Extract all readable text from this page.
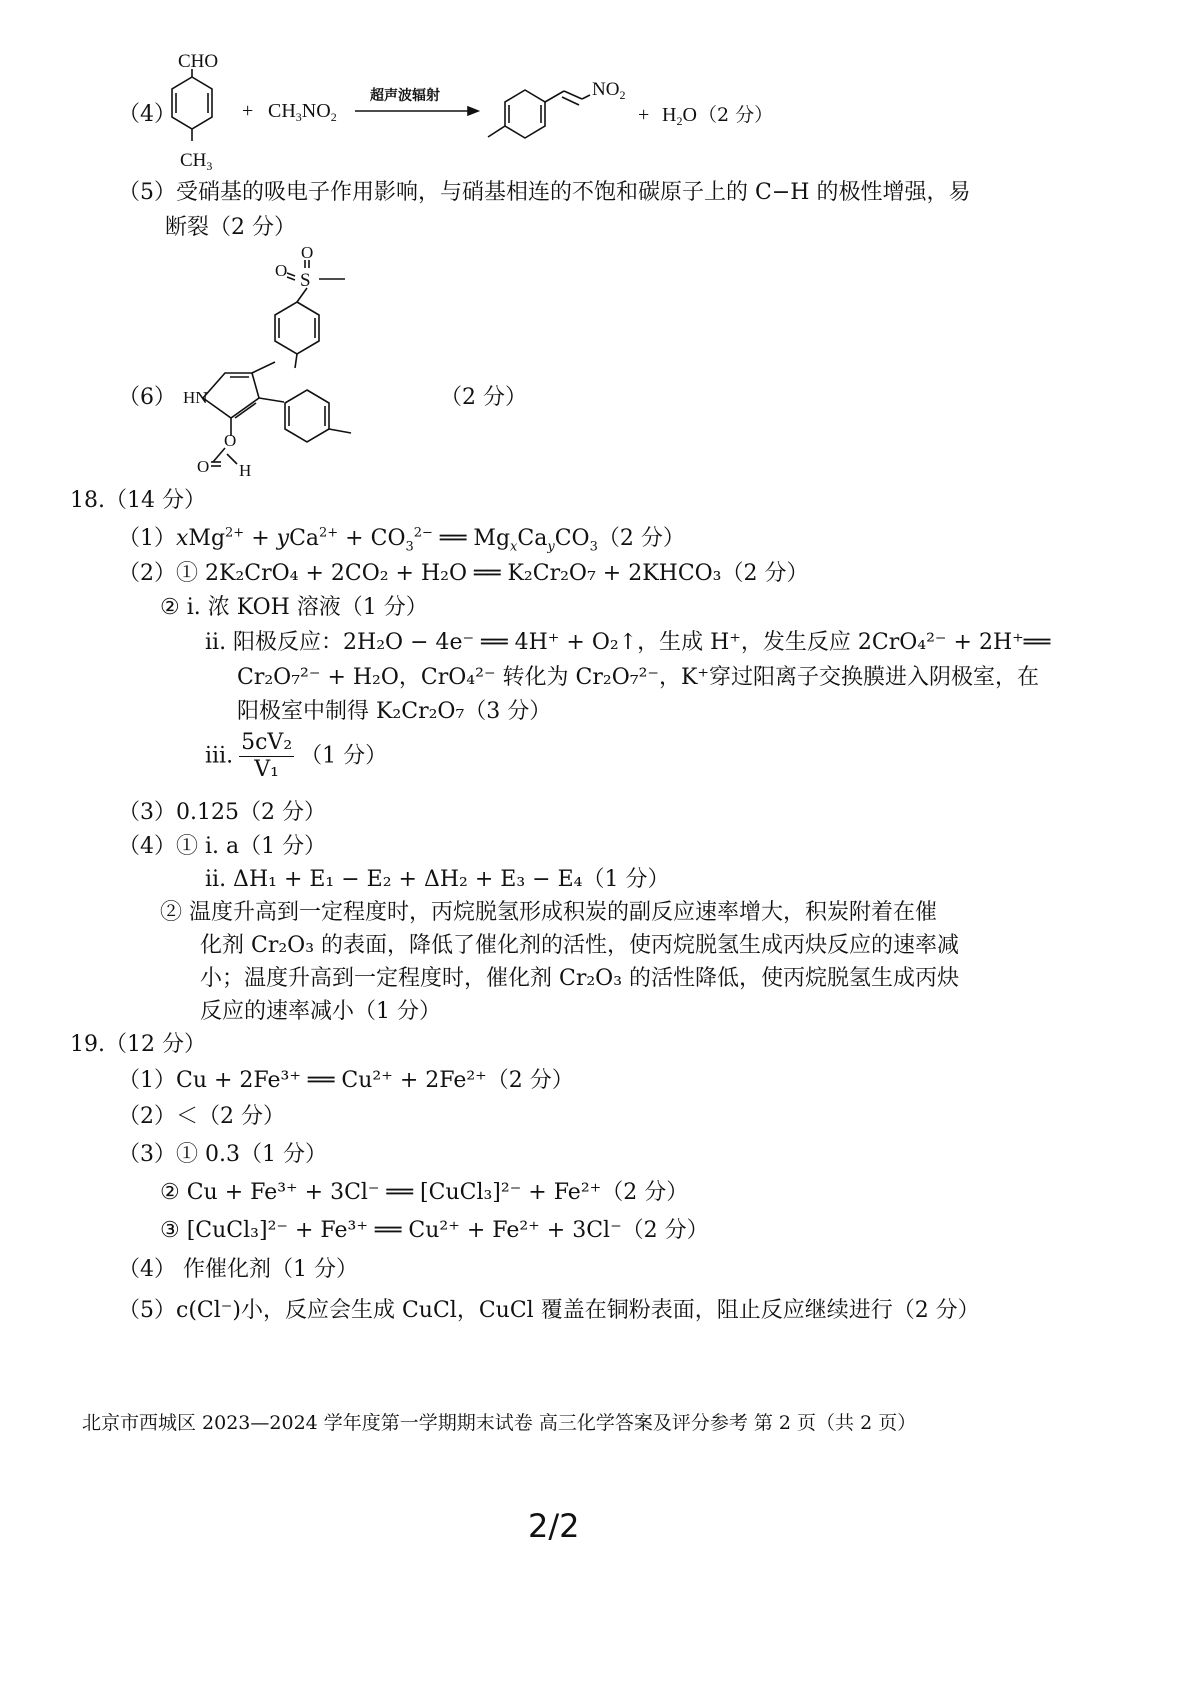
（4）
CHO
$CH_3$
+ $CH_3NO_2$
超声波辐射	$NO_2$
+ $H_2O$ （2 分）
（5）受硝基的吸电子作用影响，与硝基相连的不饱和碳原子上的 C−H 的极性增强，易
断裂（2 分）
（6）
O
O S
HN
O
O H
（2 分）
18.（14 分）
$(1)xMg^{2+} + yCa^{2+} + CO_3^{2-}$ ══ $Mg_xCa_yCO_3(2$ 分）
（2）① 2K₂CrO₄ + 2CO₂ + H₂O ══ K₂Cr₂O₇ + 2KHCO₃（2 分）
② ⅰ. 浓 KOH 溶液（1 分）
ⅱ. 阳极反应：2H₂O − 4e⁻ ══ 4H⁺ + O₂↑，生成 H⁺，发生反应 2CrO₄²⁻ + 2H⁺══
Cr₂O₇²⁻ + H₂O，CrO₄²⁻ 转化为 Cr₂O₇²⁻，K⁺穿过阳离子交换膜进入阴极室，在
阳极室中制得 K₂Cr₂O₇（3 分）
ⅲ. $\frac{\text{5cV₂}}{\text{V₁}} (1$ 分）
（3）0.125（2 分）
（4）① ⅰ. a（1 分）
ⅱ. ΔH₁ + E₁ − E₂ + ΔH₂ + E₃ − E₄（1 分）
② 温度升高到一定程度时，丙烷脱氢形成积炭的副反应速率增大，积炭附着在催
化剂 Cr₂O₃ 的表面，降低了催化剂的活性，使丙烷脱氢生成丙炔反应的速率减
小；温度升高到一定程度时，催化剂 Cr₂O₃ 的活性降低，使丙烷脱氢生成丙炔
反应的速率减小（1 分）
19.（12 分）
（1）Cu + 2Fe³⁺ ══ Cu²⁺ + 2Fe²⁺（2 分）
（2）＜（2 分）
（3）① 0.3（1 分）
② Cu + Fe³⁺ + 3Cl⁻ ══ [CuCl₃]²⁻ + Fe²⁺（2 分）
③ [CuCl₃]²⁻ + Fe³⁺ ══ Cu²⁺ + Fe²⁺ + 3Cl⁻（2 分）
（4） 作催化剂（1 分）
（5）c(Cl⁻)小，反应会生成 CuCl，CuCl 覆盖在铜粉表面，阻止反应继续进行（2 分）
北京市西城区 2023—2024 学年度第一学期期末试卷 高三化学答案及评分参考 第 2 页（共 2 页）
2/2
